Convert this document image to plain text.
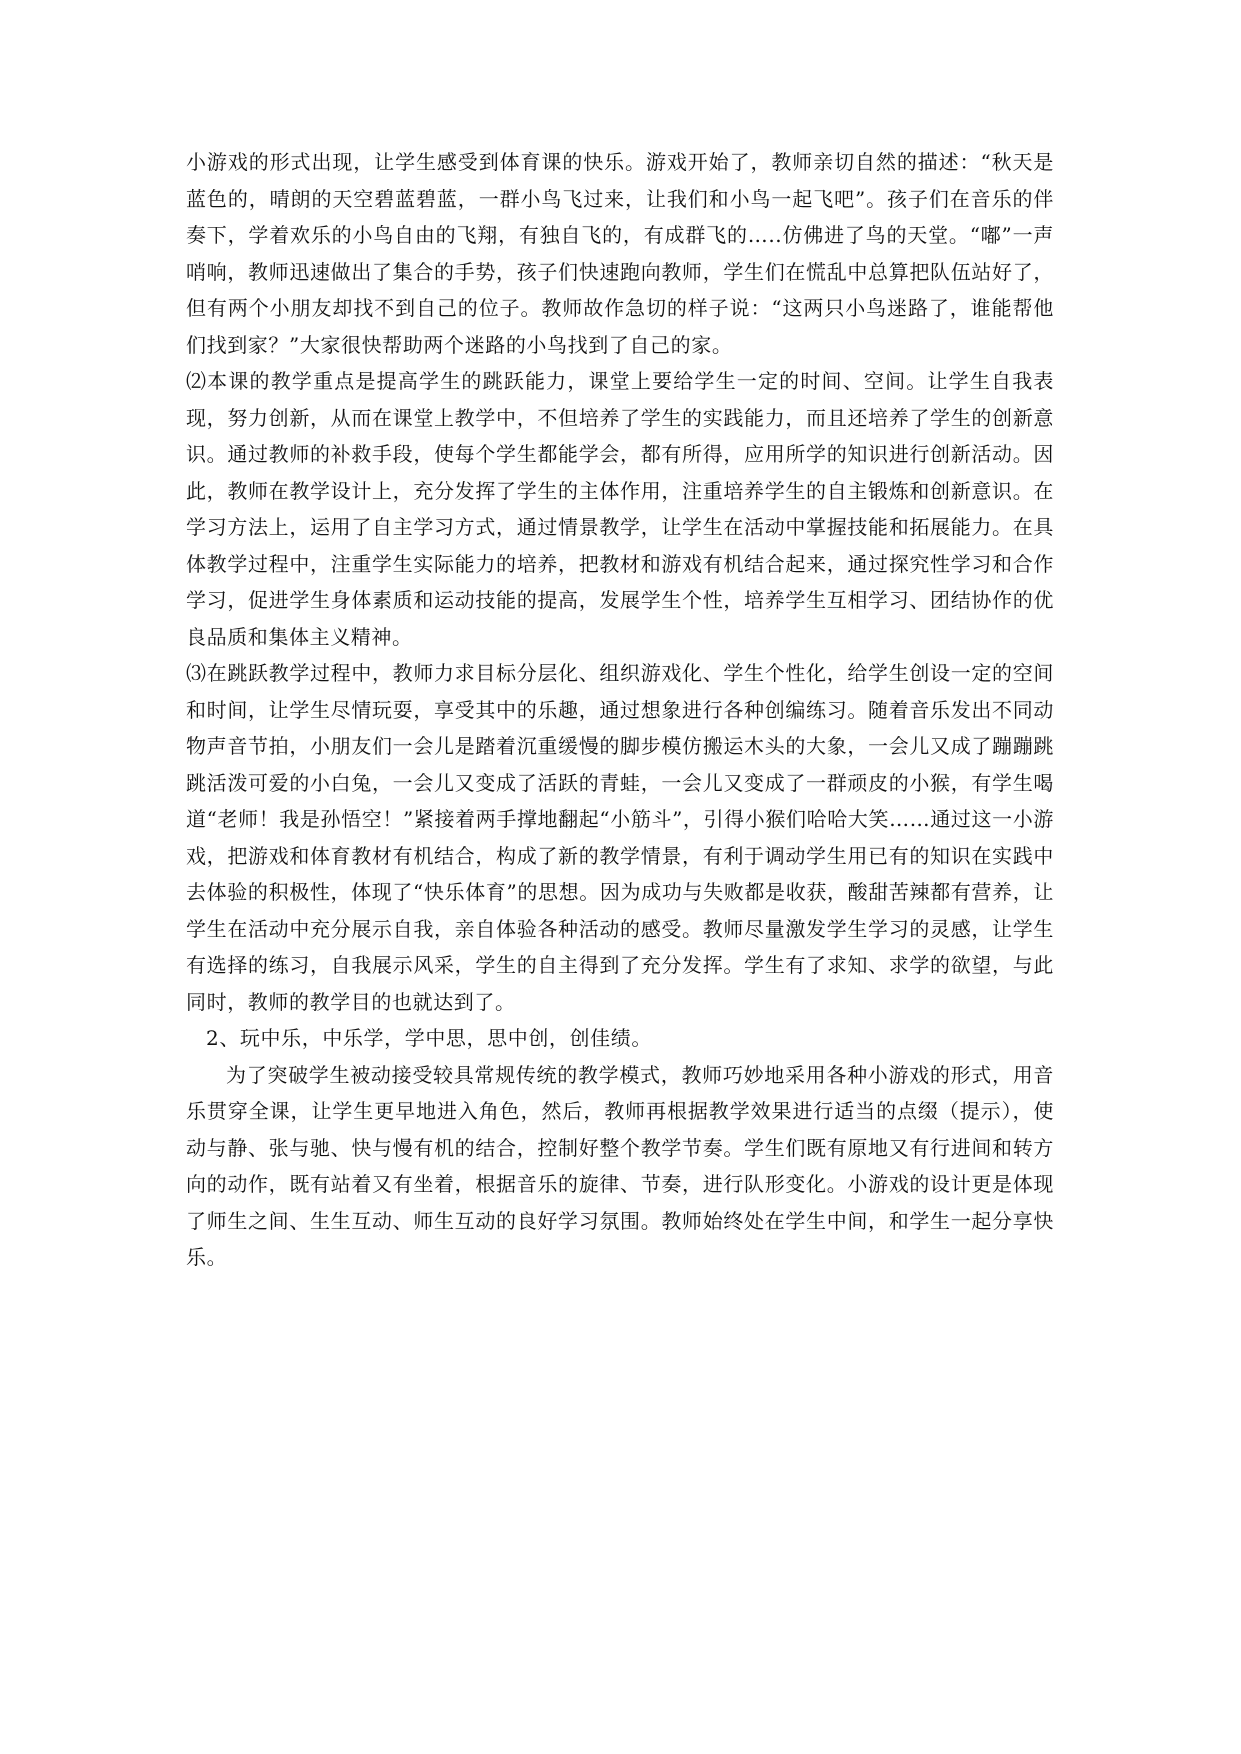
小游戏的形式出现，让学生感受到体育课的快乐。游戏开始了，教师亲切自然的描述：“秋天是蓝色的，晴朗的天空碧蓝碧蓝，一群小鸟飞过来，让我们和小鸟一起飞吧”。孩子们在音乐的伴奏下，学着欢乐的小鸟自由的飞翔，有独自飞的，有成群飞的…..仿佛进了鸟的天堂。“嘟”一声哨响，教师迅速做出了集合的手势，孩子们快速跑向教师，学生们在慌乱中总算把队伍站好了，但有两个小朋友却找不到自己的位子。教师故作急切的样子说：“这两只小鸟迷路了，谁能帮他们找到家？”大家很快帮助两个迷路的小鸟找到了自己的家。

⑵本课的教学重点是提高学生的跳跃能力，课堂上要给学生一定的时间、空间。让学生自我表现，努力创新，从而在课堂上教学中，不但培养了学生的实践能力，而且还培养了学生的创新意识。通过教师的补救手段，使每个学生都能学会，都有所得，应用所学的知识进行创新活动。因此，教师在教学设计上，充分发挥了学生的主体作用，注重培养学生的自主锻炼和创新意识。在学习方法上，运用了自主学习方式，通过情景教学，让学生在活动中掌握技能和拓展能力。在具体教学过程中，注重学生实际能力的培养，把教材和游戏有机结合起来，通过探究性学习和合作学习，促进学生身体素质和运动技能的提高，发展学生个性，培养学生互相学习、团结协作的优良品质和集体主义精神。

⑶在跳跃教学过程中，教师力求目标分层化、组织游戏化、学生个性化，给学生创设一定的空间和时间，让学生尽情玩耍，享受其中的乐趣，通过想象进行各种创编练习。随着音乐发出不同动物声音节拍，小朋友们一会儿是踏着沉重缓慢的脚步模仿搬运木头的大象，一会儿又成了蹦蹦跳跳活泼可爱的小白兔，一会儿又变成了活跃的青蛙，一会儿又变成了一群顽皮的小猴，有学生喝道“老师！我是孙悟空！”紧接着两手撑地翻起“小筋斗”，引得小猴们哈哈大笑……通过这一小游戏，把游戏和体育教材有机结合，构成了新的教学情景，有利于调动学生用已有的知识在实践中去体验的积极性，体现了“快乐体育”的思想。因为成功与失败都是收获，酸甜苦辣都有营养，让学生在活动中充分展示自我，亲自体验各种活动的感受。教师尽量激发学生学习的灵感，让学生有选择的练习，自我展示风采，学生的自主得到了充分发挥。学生有了求知、求学的欲望，与此同时，教师的教学目的也就达到了。

2、玩中乐，中乐学，学中思，思中创，创佳绩。

为了突破学生被动接受较具常规传统的教学模式，教师巧妙地采用各种小游戏的形式，用音乐贯穿全课，让学生更早地进入角色，然后，教师再根据教学效果进行适当的点缀（提示），使动与静、张与驰、快与慢有机的结合，控制好整个教学节奏。学生们既有原地又有行进间和转方向的动作，既有站着又有坐着，根据音乐的旋律、节奏，进行队形变化。小游戏的设计更是体现了师生之间、生生互动、师生互动的良好学习氛围。教师始终处在学生中间，和学生一起分享快乐。
